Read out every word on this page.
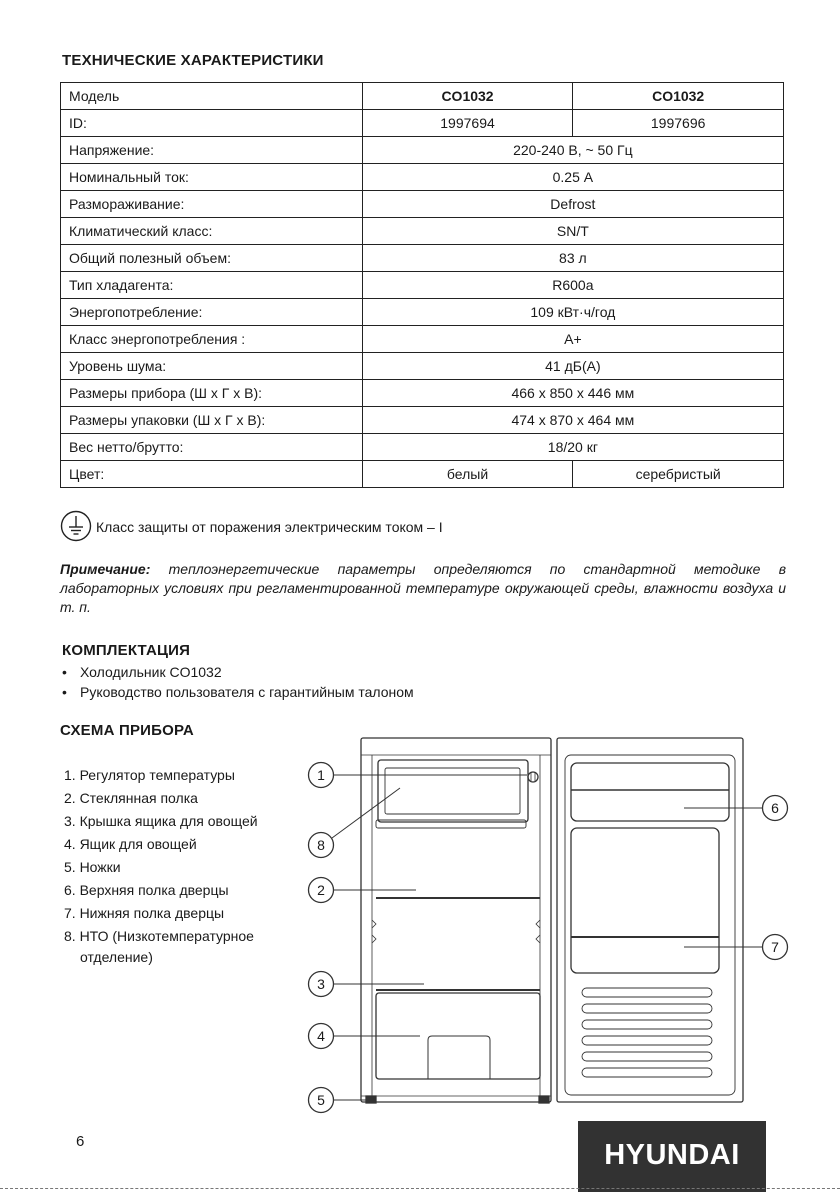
ТЕХНИЧЕСКИЕ ХАРАКТЕРИСТИКИ
Модель	CO1032	CO1032
ID:	1997694	1997696
Напряжение:	220-240 В, ~ 50 Гц	
Номинальный ток:	0.25 А	
Размораживание:	Defrost	
Климатический класс:	SN/T	
Общий полезный объем:	83 л	
Тип хладагента:	R600a	
Энергопотребление:	109 кВт·ч/год	
Класс энергопотребления :	А+	
Уровень шума:	41 дБ(А)	
Размеры прибора (Ш х Г х В):	466 х 850 х 446 мм	
Размеры упаковки (Ш х Г х В):	474 х 870 х 464 мм	
Вес нетто/брутто:	18/20 кг	
Цвет:	белый	серебристый
Класс защиты от поражения электрическим током – I
Примечание: теплоэнергетические параметры определяются по стандартной методике в лабораторных условиях при регламентированной температуре окружающей среды, влажности воздуха и т. п.
КОМПЛЕКТАЦИЯ
• Холодильник CO1032
• Руководство пользователя с гарантийным талоном
СХЕМА ПРИБОРА
1. Регулятор температуры
2. Стеклянная полка
3. Крышка ящика для овощей
4. Ящик для овощей
5. Ножки
6. Верхняя полка дверцы
7. Нижняя полка дверцы
8. НТО (Низкотемпературное
отделение)
1
2
3
4
5
6
7
8
6	HYUNDAI
